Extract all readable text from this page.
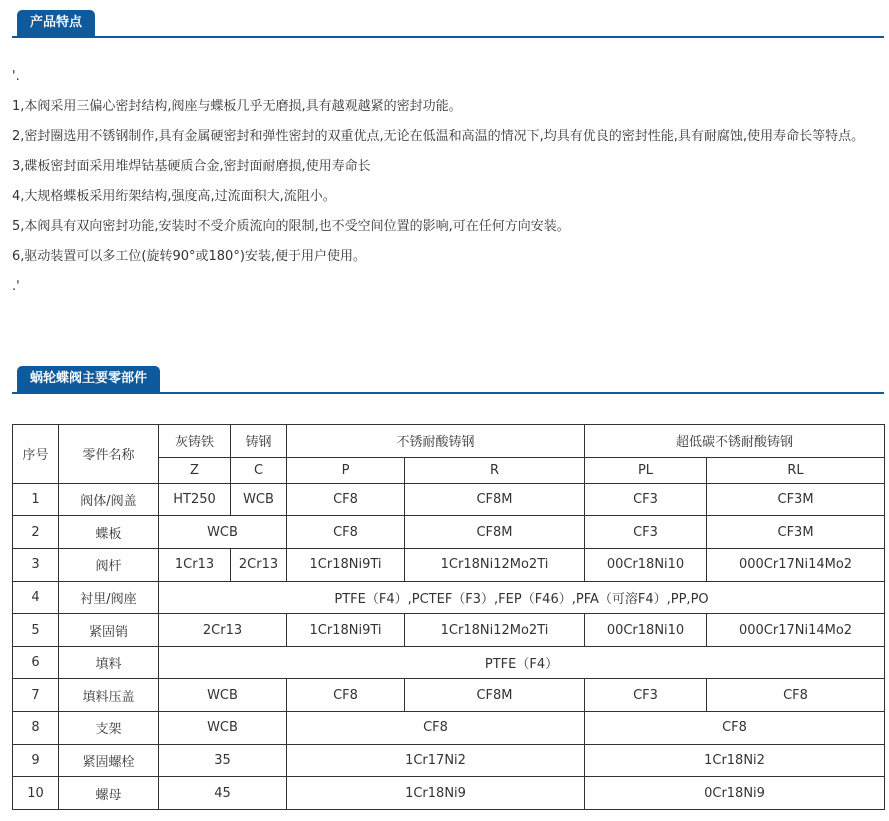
产品特点

'.

1,本阀采用三偏心密封结构,阀座与蝶板几乎无磨损,具有越观越紧的密封功能。

2,密封圈选用不锈钢制作,具有金属硬密封和弹性密封的双重优点,无论在低温和高温的情况下,均具有优良的密封性能,具有耐腐蚀,使用寿命长等特点。

3,碟板密封面采用堆焊钴基硬质合金,密封面耐磨损,使用寿命长

4,大规格蝶板采用绗架结构,强度高,过流面积大,流阻小。

5,本阀具有双向密封功能,安装时不受介质流向的限制,也不受空间位置的影响,可在任何方向安装。

6,驱动装置可以多工位(旋转90°或180°)安装,便于用户使用。

.'

蜗轮蝶阀主要零部件
序号	零件名称	灰铸铁	铸钢	不锈耐酸铸钢		超低碳不锈耐酸铸钢	
		Z	C	P	R	PL	RL
1	阀体/阀盖	HT250	WCB	CF8	CF8M	CF3	CF3M
2	蝶板	WCB		CF8	CF8M	CF3	CF3M
3	阀杆	1Cr13	2Cr13	1Cr18Ni9Ti	1Cr18Ni12Mo2Ti	00Cr18Ni10	000Cr17Ni14Mo2
4	衬里/阀座	PTFE（F4）,PCTEF（F3）,FEP（F46）,PFA（可溶F4）,PP,PO					
5	紧固销	2Cr13		1Cr18Ni9Ti	1Cr18Ni12Mo2Ti	00Cr18Ni10	000Cr17Ni14Mo2
6	填料	PTFE（F4）					
7	填料压盖	WCB		CF8	CF8M	CF3	CF8
8	支架	WCB		CF8		CF8	
9	紧固螺栓	35		1Cr17Ni2		1Cr18Ni2	
10	螺母	45		1Cr18Ni9		0Cr18Ni9	
